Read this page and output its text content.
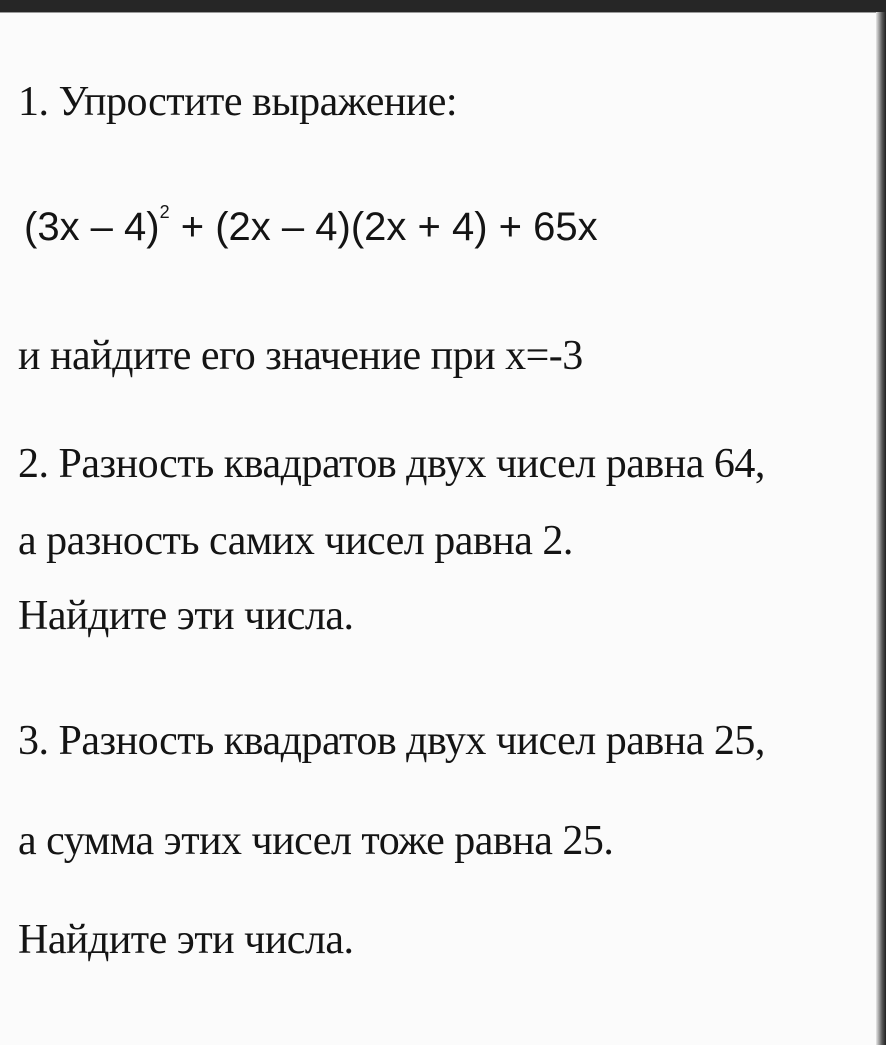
1. Упростите выражение:

(3x – 4)$^2$ + (2x – 4)(2x + 4) + 65x

и найдите его значение при х=-3

2. Разность квадратов двух чисел равна 64,

а разность самих чисел равна 2.

Найдите эти числа.

3. Разность квадратов двух чисел равна 25,

а сумма этих чисел тоже равна 25.

Найдите эти числа.
